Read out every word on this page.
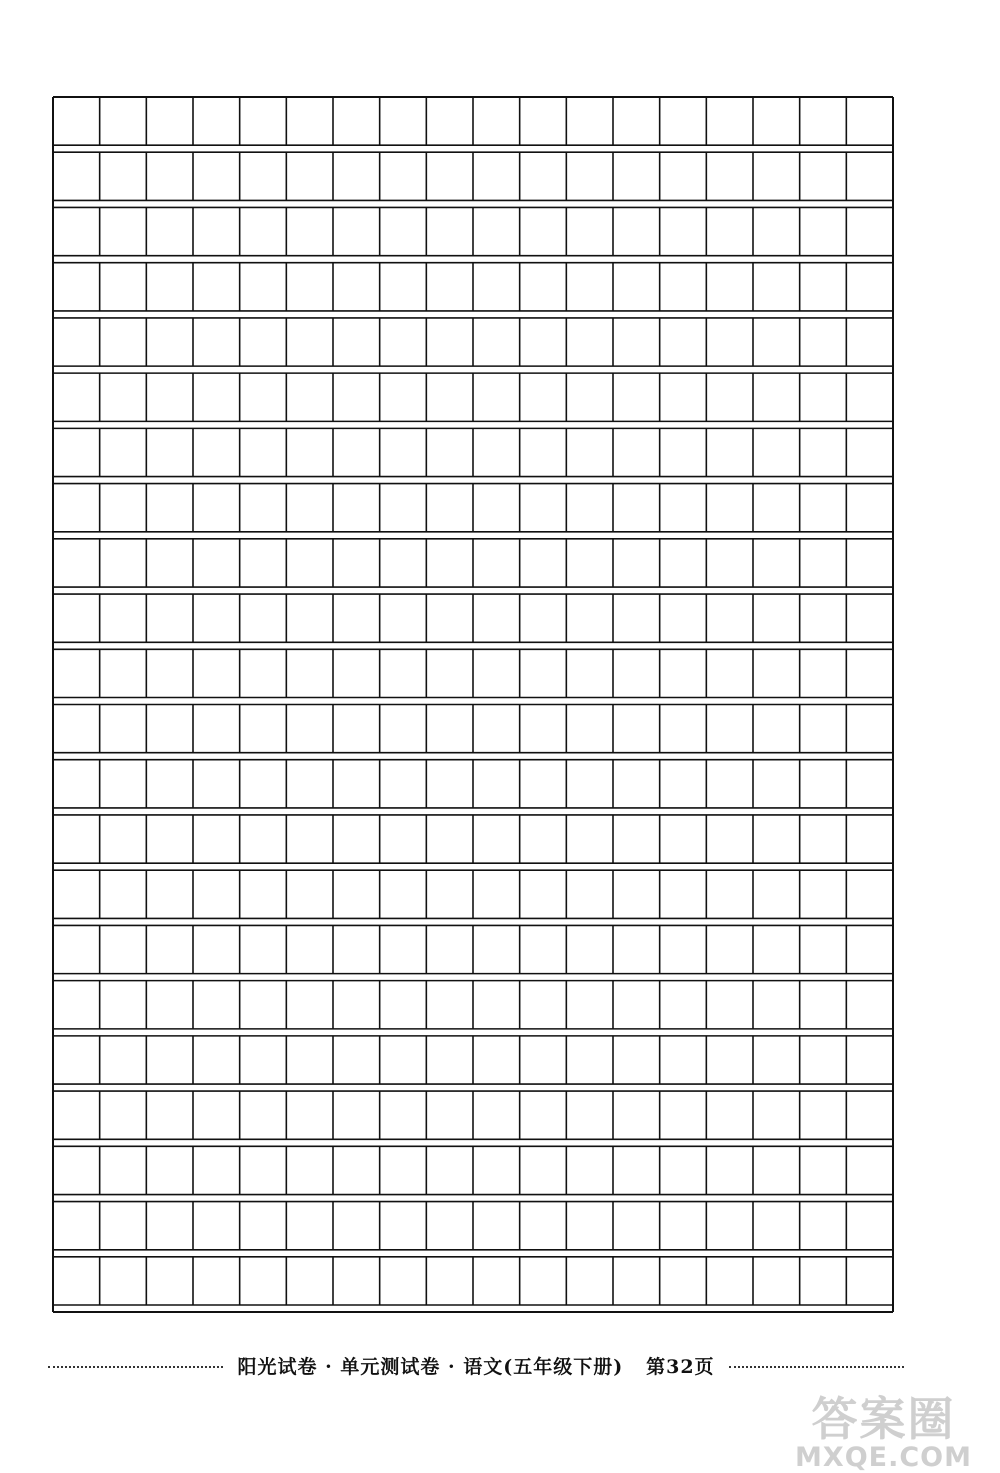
阳光试卷 · 单元测试卷 · 语文(五年级下册) 第32页
答案圈
MXQE.COM
